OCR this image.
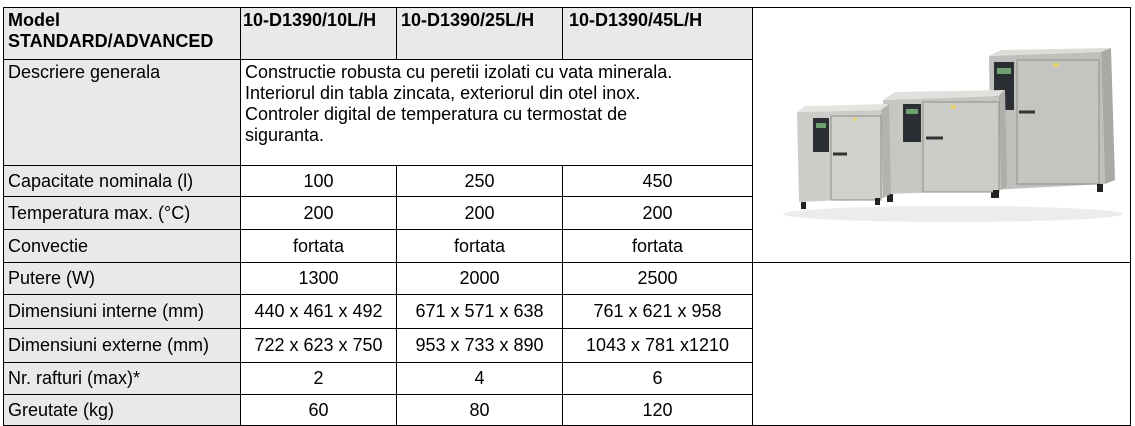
Model
STANDARD/ADVANCED	10-D1390/10L/H	10-D1390/25L/H	10-D1390/45L/H	

Descriere generala	Constructie robusta cu peretii izolati cu vata minerala.
Interiorul din tabla zincata, exteriorul din otel inox.
Controler digital de temperatura cu termostat de
siguranta.			

Capacitate nominala (l)	100	250	450	
Temperatura max. (°C)	200	200	200	
Convectie	fortata	fortata	fortata	
Putere (W)	1300	2000	2500	
Dimensiuni interne (mm)	440 x 461 x 492	671 x 571 x 638	761 x 621 x 958	
Dimensiuni externe (mm)	722 x 623 x 750	953 x 733 x 890	1043 x 781 x1210	
Nr. rafturi (max)*	2	4	6	
Greutate (kg)	60	80	120	
